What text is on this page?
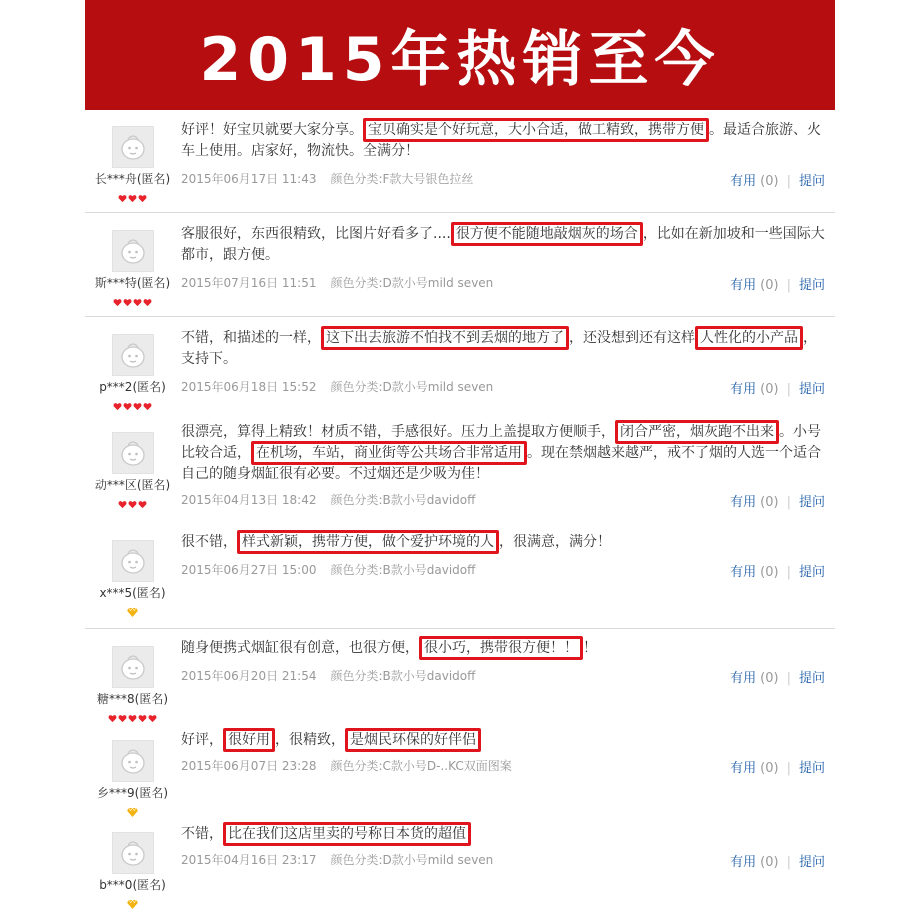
2015年热销至今
长***舟(匿名)
好评！好宝贝就要大家分享。 宝贝确实是个好玩意，大小合适，做工精致，携带方便 。最适合旅游、火车上使用。店家好，物流快。全满分！
2015年06月17日 11:43 颜色分类:F款大号银色拉丝	有用 (0) | 提问
斯***特(匿名)
客服很好，东西很精致，比图片好看多了.... 很方便不能随地敲烟灰的场合 ，比如在新加坡和一些国际大都市，跟方便。
2015年07月16日 11:51 颜色分类:D款小号mild seven	有用 (0) | 提问
p***2(匿名)
不错，和描述的一样， 这下出去旅游不怕找不到丢烟的地方了 ，还没想到还有这样 人性化的小产品 ，支持下。
2015年06月18日 15:52 颜色分类:D款小号mild seven	有用 (0) | 提问
动***区(匿名)
很漂亮，算得上精致！材质不错，手感很好。压力上盖提取方便顺手， 闭合严密，烟灰跑不出来 。小号比较合适， 在机场，车站，商业街等公共场合非常适用 。现在禁烟越来越严，戒不了烟的人选一个适合自己的随身烟缸很有必要。不过烟还是少吸为佳！
2015年04月13日 18:42 颜色分类:B款小号davidoff	有用 (0) | 提问
x***5(匿名)
很不错， 样式新颖，携带方便，做个爱护环境的人 ，很满意，满分！
2015年06月27日 15:00 颜色分类:B款小号davidoff	有用 (0) | 提问
糖***8(匿名)
随身便携式烟缸很有创意，也很方便， 很小巧，携带很方便！！ ！
2015年06月20日 21:54 颜色分类:B款小号davidoff	有用 (0) | 提问
乡***9(匿名)
好评， 很好用 ，很精致， 是烟民环保的好伴侣
2015年06月07日 23:28 颜色分类:C款小号D-..KC双面图案	有用 (0) | 提问
b***0(匿名)
不错， 比在我们这店里卖的号称日本货的超值
2015年04月16日 23:17 颜色分类:D款小号mild seven	有用 (0) | 提问
